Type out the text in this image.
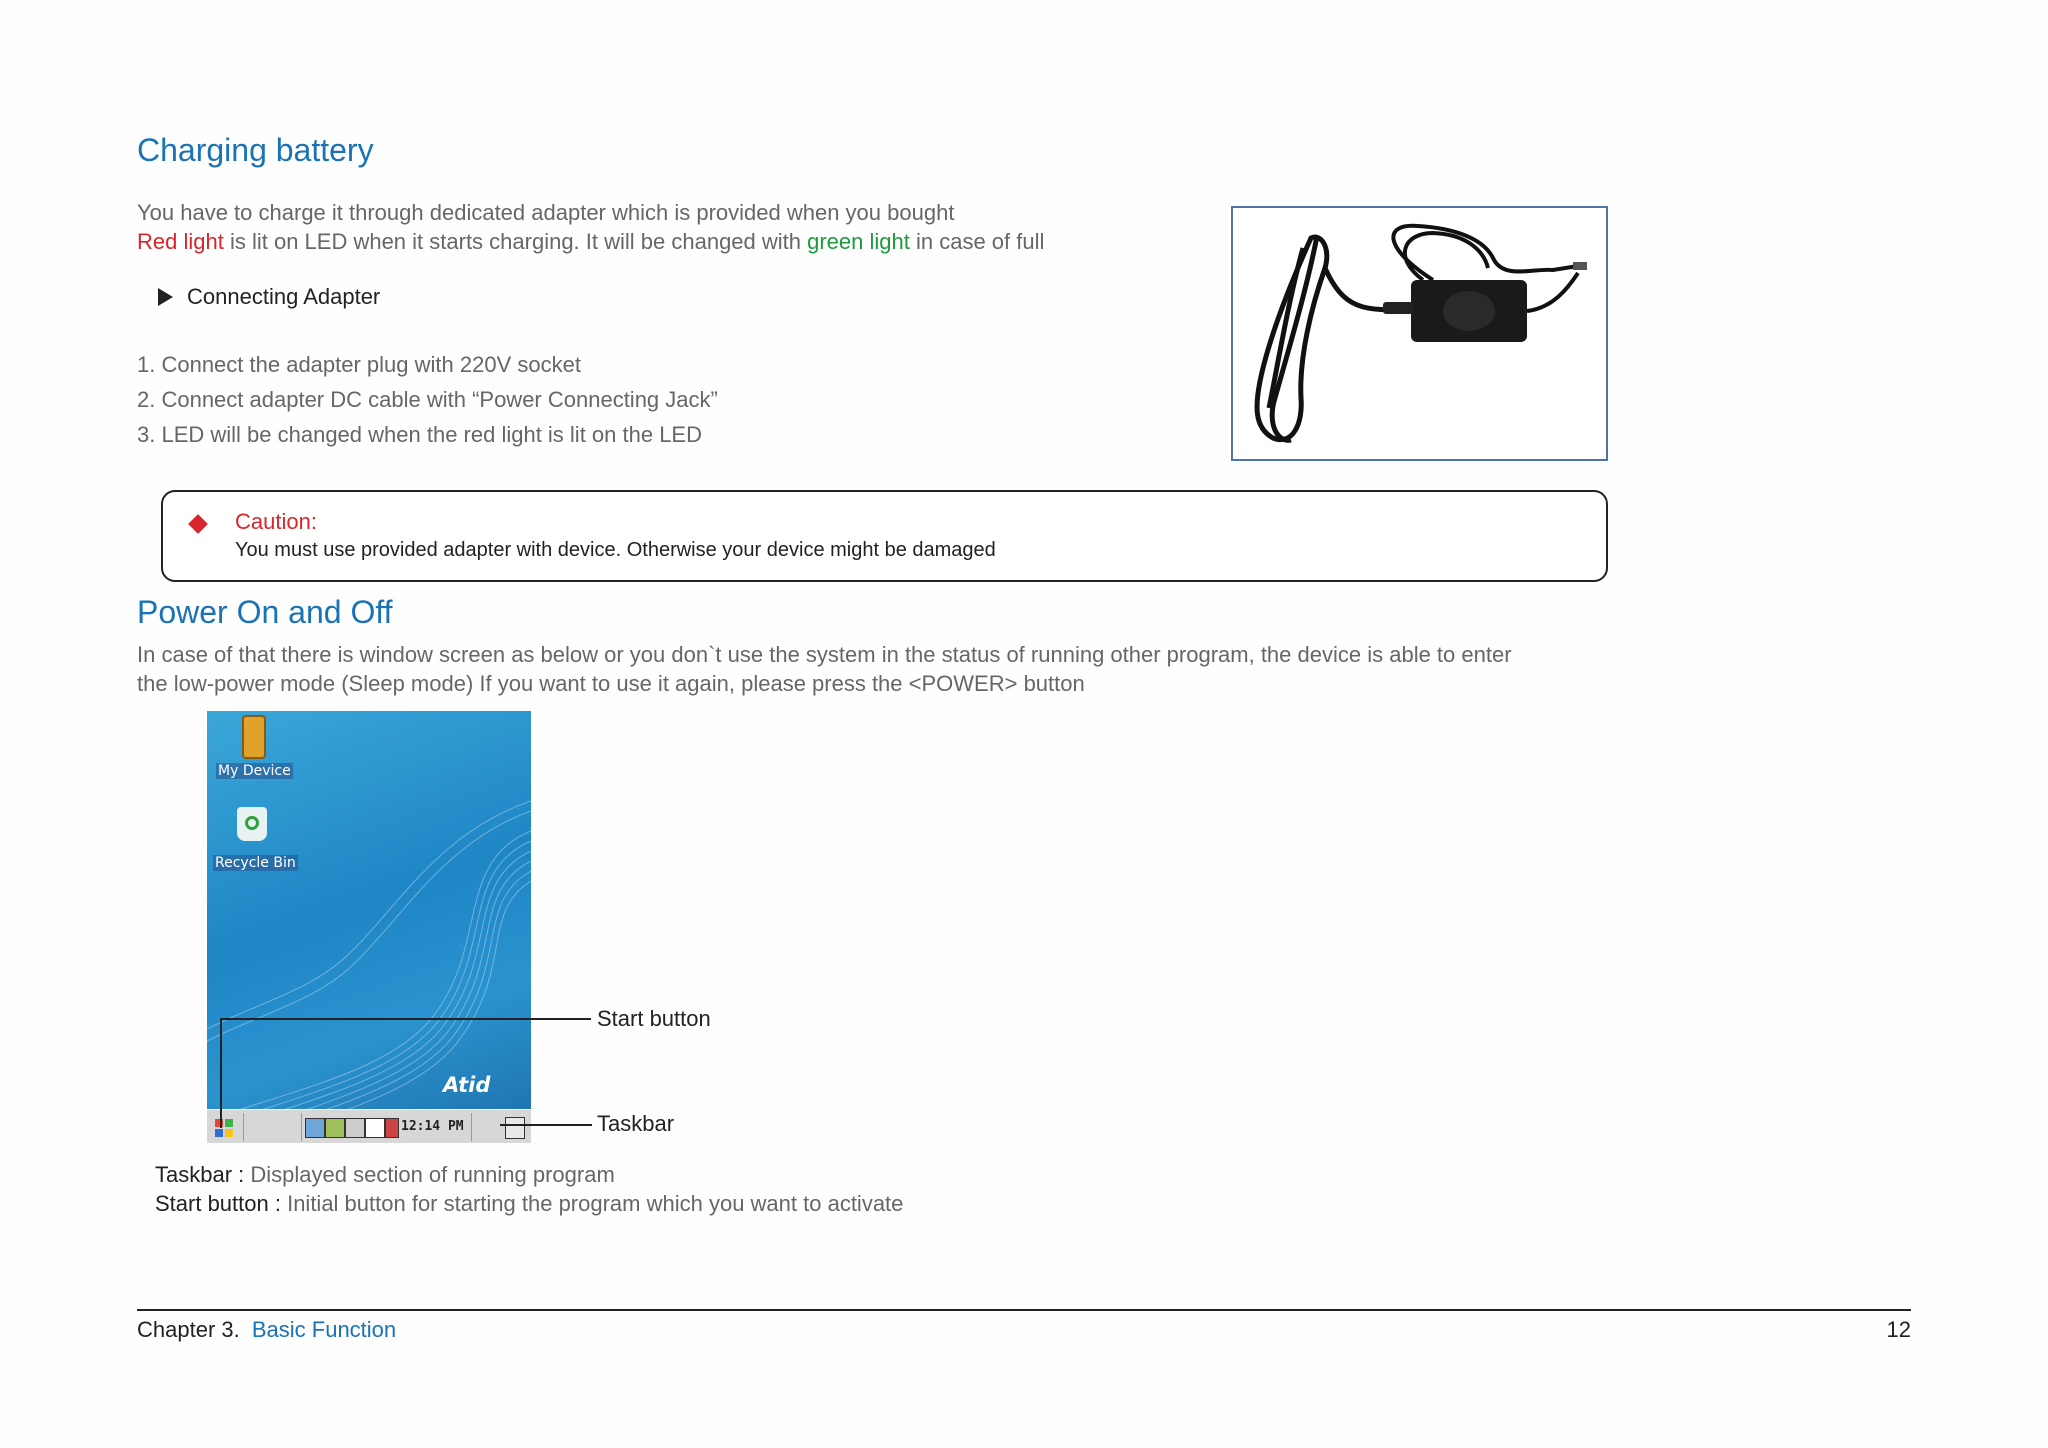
Charging battery
You have to charge it through dedicated adapter which is provided when you bought
Red light is lit on LED when it starts charging. It will be changed with green light in case of full
Connecting Adapter
1. Connect the adapter plug with 220V socket
2. Connect adapter DC cable with “Power Connecting Jack”
3. LED will be changed when the red light is lit on the LED
Caution:
You must use provided adapter with device. Otherwise your device might be damaged
Power On and Off
In case of that there is window screen as below or you don`t use the system in the status of running other program, the device is able to enter
the low-power mode (Sleep mode) If you want to use it again, please press the <POWER> button
My Device
Recycle Bin
Atid
12:14 PM
Start button
Taskbar
Taskbar : Displayed section of running program
Start button : Initial button for starting the program which you want to activate
Chapter 3. Basic Function	12
